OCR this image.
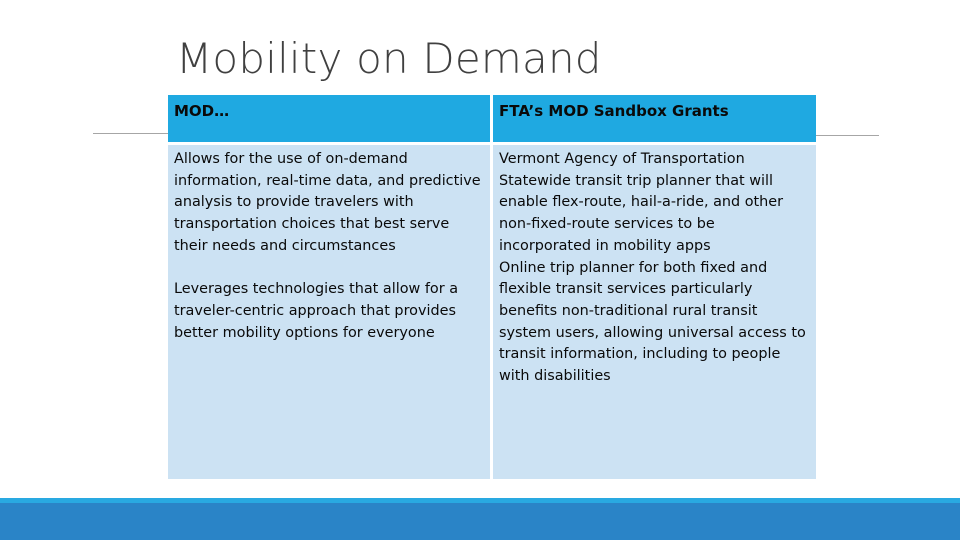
Mobility on Demand
MOD…	FTA’s MOD Sandbox Grants
Allows for the use of on-demand
information, real-time data, and predictive
analysis to provide travelers with
transportation choices that best serve
their needs and circumstances
Leverages technologies that allow for a
traveler-centric approach that provides
better mobility options for everyone
Vermont Agency of Transportation
Statewide transit trip planner that will
enable flex-route, hail-a-ride, and other
non-fixed-route services to be
incorporated in mobility apps
Online trip planner for both fixed and
flexible transit services particularly
benefits non-traditional rural transit
system users, allowing universal access to
transit information, including to people
with disabilities
